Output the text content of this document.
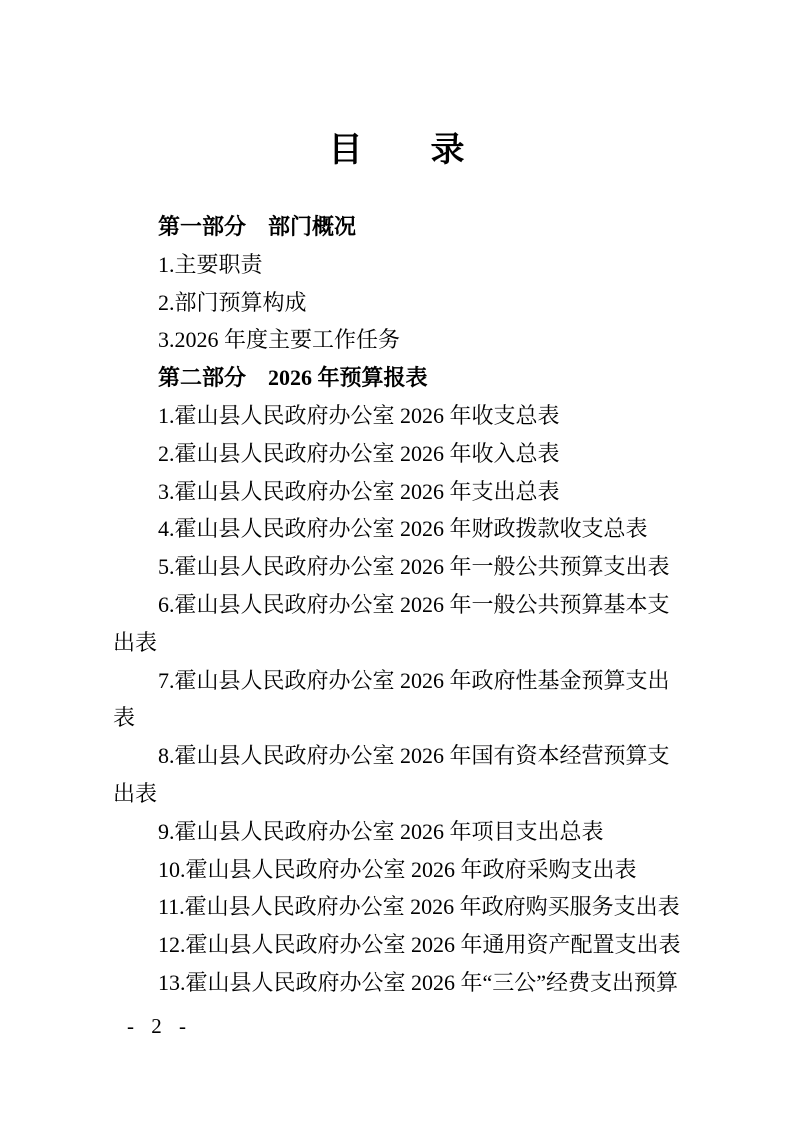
目　　录
第一部分　部门概况
1.主要职责
2.部门预算构成
3.2026 年度主要工作任务
第二部分　2026 年预算报表
1.霍山县人民政府办公室 2026 年收支总表
2.霍山县人民政府办公室 2026 年收入总表
3.霍山县人民政府办公室 2026 年支出总表
4.霍山县人民政府办公室 2026 年财政拨款收支总表
5.霍山县人民政府办公室 2026 年一般公共预算支出表
6.霍山县人民政府办公室 2026 年一般公共预算基本支
出表
7.霍山县人民政府办公室 2026 年政府性基金预算支出
表
8.霍山县人民政府办公室 2026 年国有资本经营预算支
出表
9.霍山县人民政府办公室 2026 年项目支出总表
10.霍山县人民政府办公室 2026 年政府采购支出表
11.霍山县人民政府办公室 2026 年政府购买服务支出表
12.霍山县人民政府办公室 2026 年通用资产配置支出表
13.霍山县人民政府办公室 2026 年“三公”经费支出预算
- 2 -
